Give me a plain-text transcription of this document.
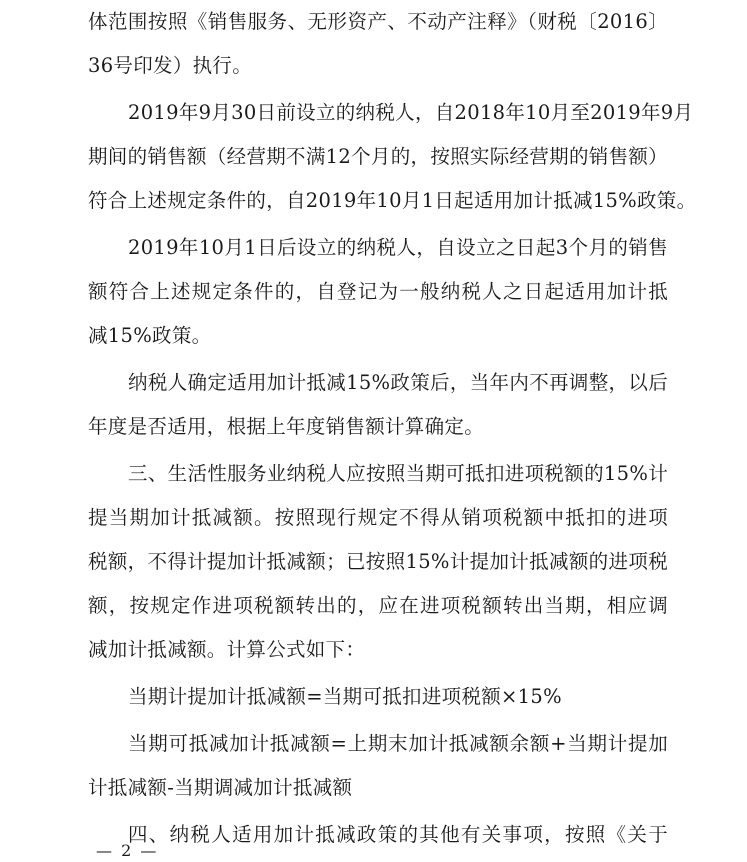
体范围按照《销售服务、无形资产、不动产注释》（财税〔2016〕
36号印发）执行。
2019年9月30日前设立的纳税人，自2018年10月至2019年9月
期间的销售额（经营期不满12个月的，按照实际经营期的销售额）
符合上述规定条件的，自2019年10月1日起适用加计抵减15%政策。
2019年10月1日后设立的纳税人，自设立之日起3个月的销售
额符合上述规定条件的，自登记为一般纳税人之日起适用加计抵
减15%政策。
纳税人确定适用加计抵减15%政策后，当年内不再调整，以后
年度是否适用，根据上年度销售额计算确定。
三、生活性服务业纳税人应按照当期可抵扣进项税额的15%计
提当期加计抵减额。按照现行规定不得从销项税额中抵扣的进项
税额，不得计提加计抵减额；已按照15%计提加计抵减额的进项税
额，按规定作进项税额转出的，应在进项税额转出当期，相应调
减加计抵减额。计算公式如下：
当期计提加计抵减额=当期可抵扣进项税额×15%
当期可抵减加计抵减额=上期末加计抵减额余额+当期计提加
计抵减额-当期调减加计抵减额
四、纳税人适用加计抵减政策的其他有关事项，按照《关于
— 2 —
